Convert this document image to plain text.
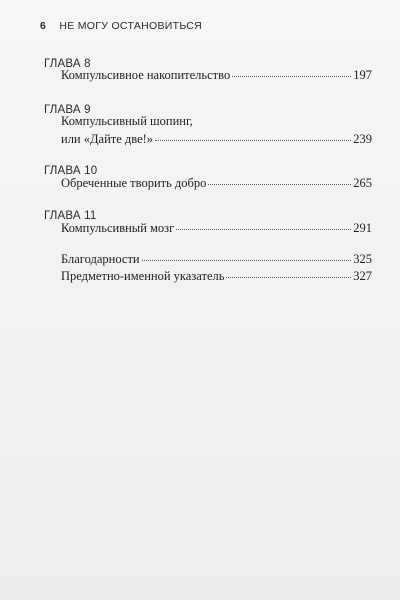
6 НЕ МОГУ ОСТАНОВИТЬСЯ
ГЛАВА 8
Компульсивное накопительство	197
ГЛАВА 9
Компульсивный шопинг,
или «Дайте две!»	239
ГЛАВА 10
Обреченные творить добро	265
ГЛАВА 11
Компульсивный мозг	291
Благодарности	325
Предметно-именной указатель	327
